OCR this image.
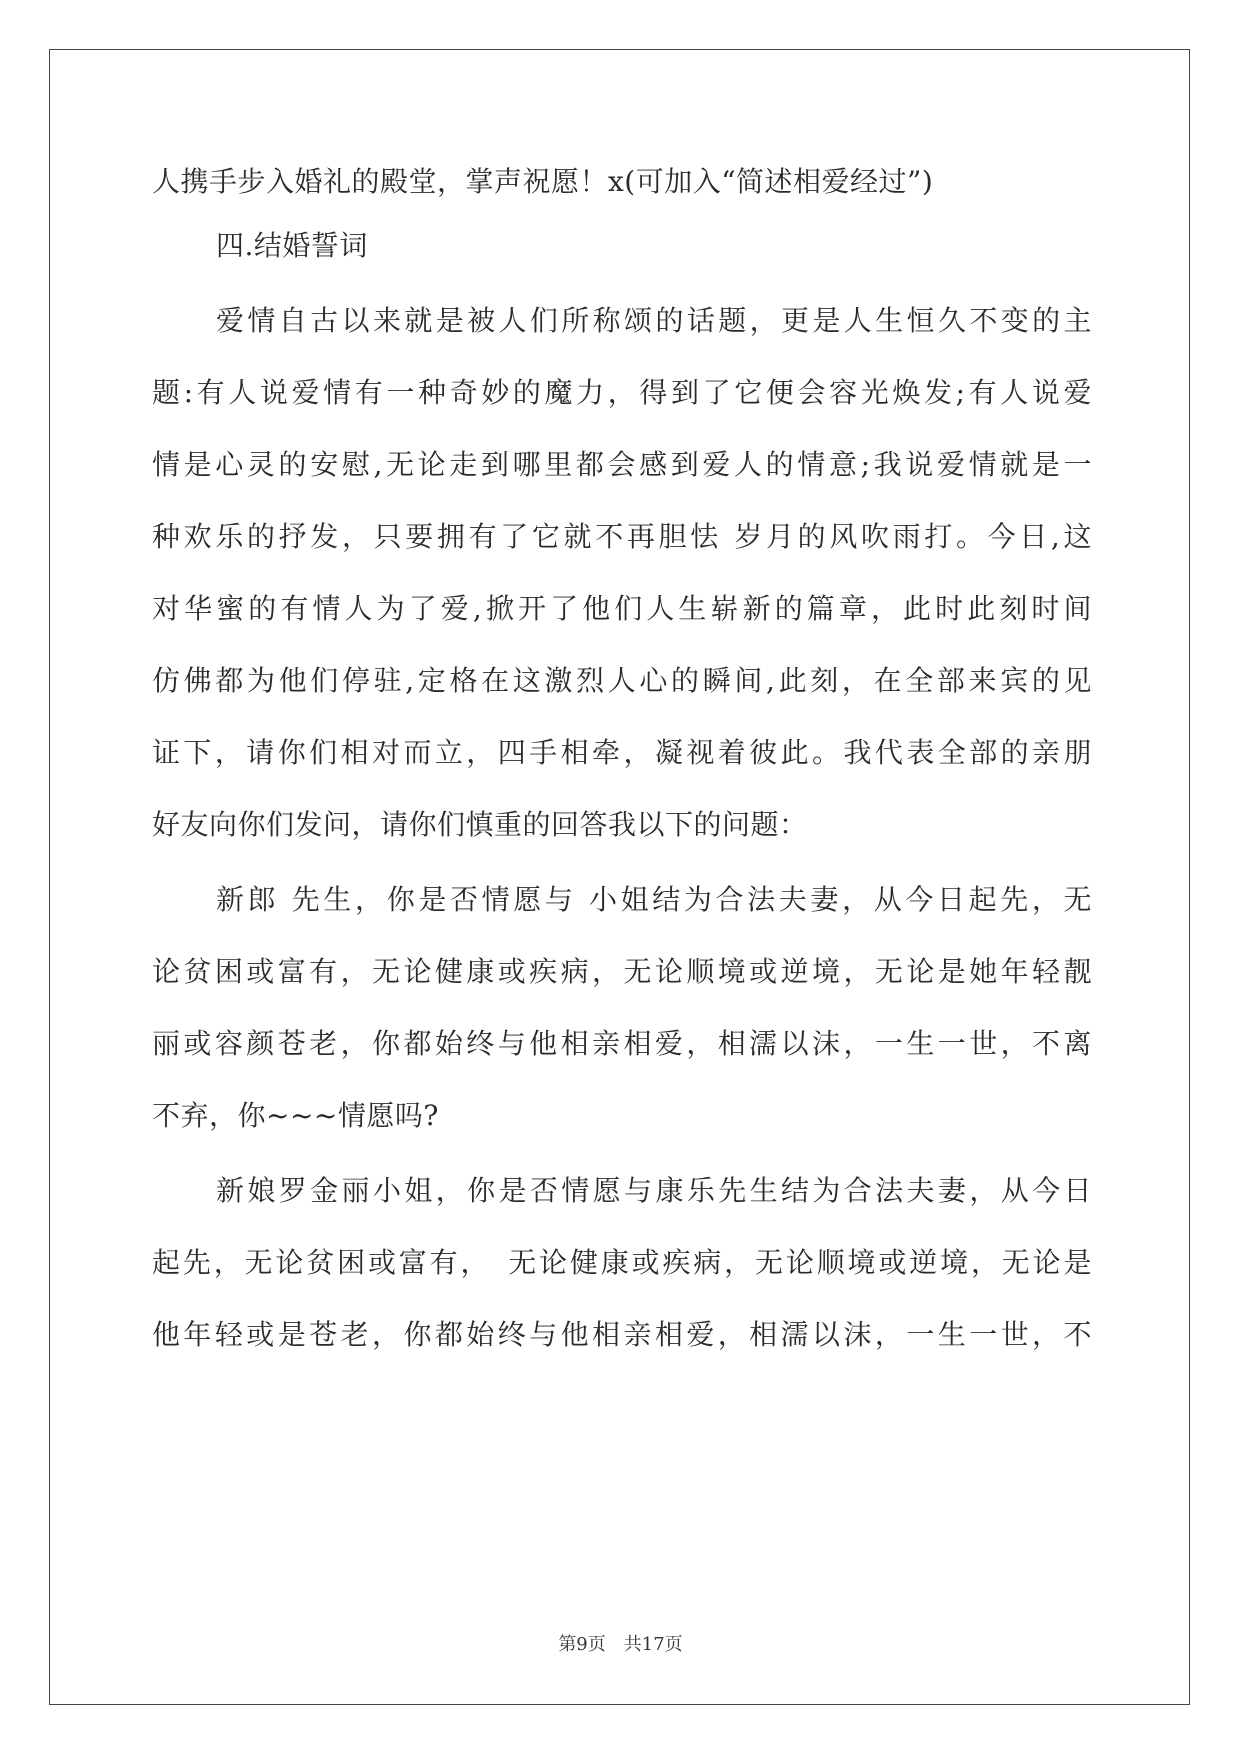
人携手步入婚礼的殿堂，掌声祝愿！x(可加入“简述相爱经过”)
四.结婚誓词
爱情自古以来就是被人们所称颂的话题，更是人生恒久不变的主
题:有人说爱情有一种奇妙的魔力，得到了它便会容光焕发;有人说爱
情是心灵的安慰,无论走到哪里都会感到爱人的情意;我说爱情就是一
种欢乐的抒发，只要拥有了它就不再胆怯 岁月的风吹雨打。今日,这
对华蜜的有情人为了爱,掀开了他们人生崭新的篇章，此时此刻时间
仿佛都为他们停驻,定格在这激烈人心的瞬间,此刻，在全部来宾的见
证下，请你们相对而立，四手相牵，凝视着彼此。我代表全部的亲朋
好友向你们发问，请你们慎重的回答我以下的问题：
新郎 先生，你是否情愿与 小姐结为合法夫妻，从今日起先，无
论贫困或富有，无论健康或疾病，无论顺境或逆境，无论是她年轻靓
丽或容颜苍老，你都始终与他相亲相爱，相濡以沫，一生一世，不离
不弃，你~~~情愿吗?
新娘罗金丽小姐，你是否情愿与康乐先生结为合法夫妻，从今日
起先，无论贫困或富有，　无论健康或疾病，无论顺境或逆境，无论是
他年轻或是苍老，你都始终与他相亲相爱，相濡以沫，一生一世，不
第9页　共17页
